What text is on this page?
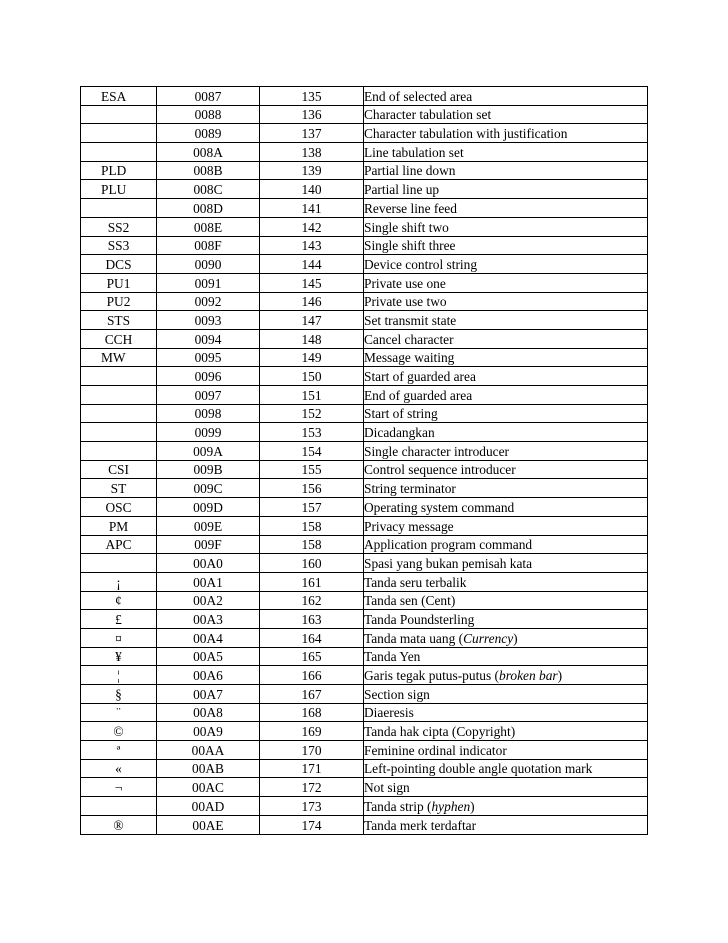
ESA	0087	135	End of selected area
	0088	136	Character tabulation set
	0089	137	Character tabulation with justification
	008A	138	Line tabulation set
PLD	008B	139	Partial line down
PLU	008C	140	Partial line up
	008D	141	Reverse line feed
SS2	008E	142	Single shift two
SS3	008F	143	Single shift three
DCS	0090	144	Device control string
PU1	0091	145	Private use one
PU2	0092	146	Private use two
STS	0093	147	Set transmit state
CCH	0094	148	Cancel character
MW	0095	149	Message waiting
	0096	150	Start of guarded area
	0097	151	End of guarded area
	0098	152	Start of string
	0099	153	Dicadangkan
	009A	154	Single character introducer
CSI	009B	155	Control sequence introducer
ST	009C	156	String terminator
OSC	009D	157	Operating system command
PM	009E	158	Privacy message
APC	009F	158	Application program command
	00A0	160	Spasi yang bukan pemisah kata
¡	00A1	161	Tanda seru terbalik
¢	00A2	162	Tanda sen (Cent)
£	00A3	163	Tanda Poundsterling
¤	00A4	164	Tanda mata uang (Currency)
¥	00A5	165	Tanda Yen
¦	00A6	166	Garis tegak putus-putus (broken bar)
§	00A7	167	Section sign
¨	00A8	168	Diaeresis
©	00A9	169	Tanda hak cipta (Copyright)
ª	00AA	170	Feminine ordinal indicator
«	00AB	171	Left-pointing double angle quotation mark
¬	00AC	172	Not sign
	00AD	173	Tanda strip (hyphen)
®	00AE	174	Tanda merk terdaftar
